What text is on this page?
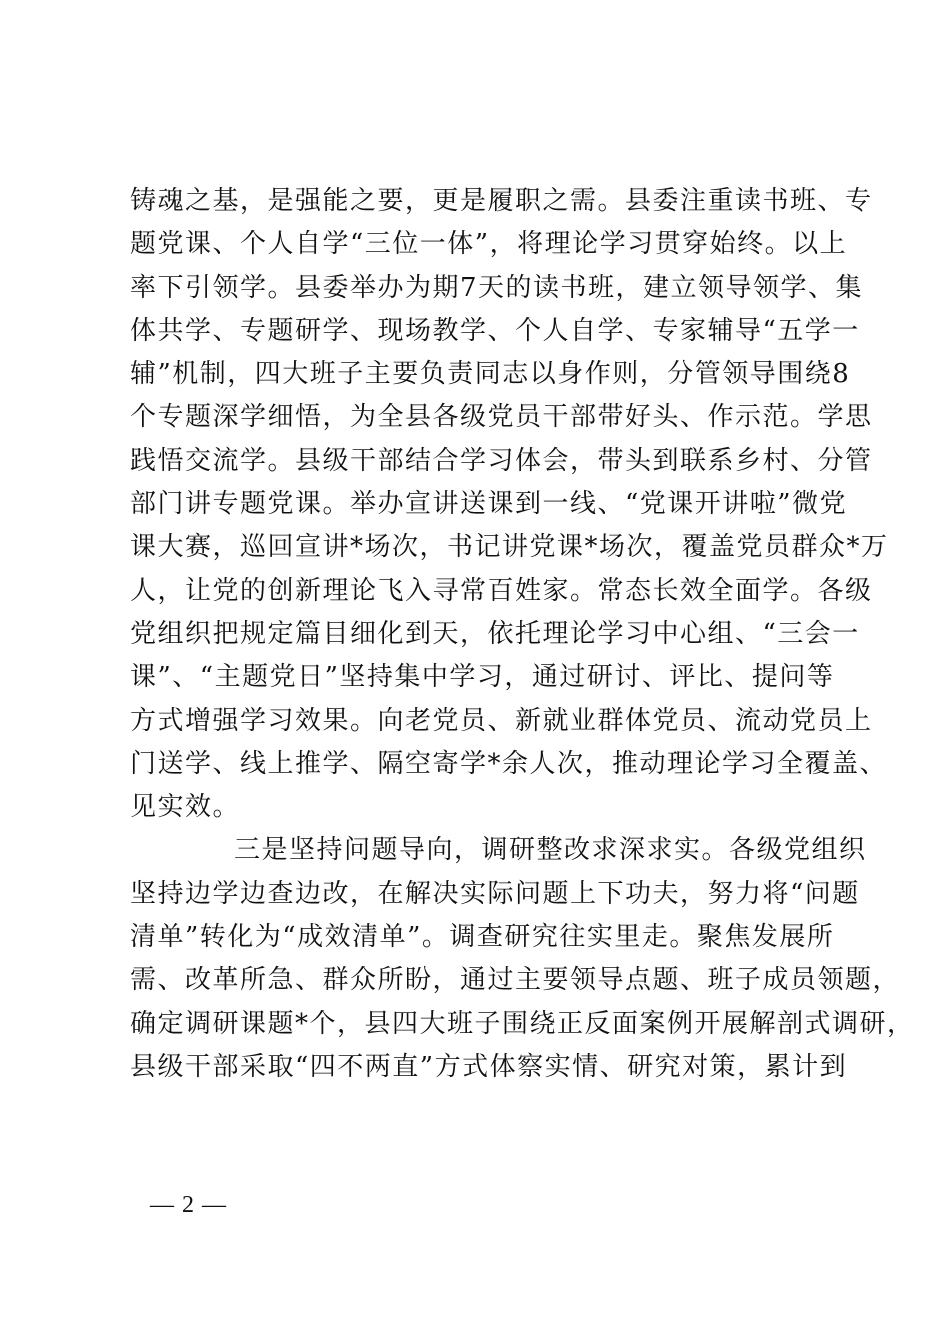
铸魂之基，是强能之要，更是履职之需。县委注重读书班、专
题党课、个人自学“三位一体”，将理论学习贯穿始终。以上
率下引领学。县委举办为期7天的读书班，建立领导领学、集
体共学、专题研学、现场教学、个人自学、专家辅导“五学一
辅”机制，四大班子主要负责同志以身作则，分管领导围绕8
个专题深学细悟，为全县各级党员干部带好头、作示范。学思
践悟交流学。县级干部结合学习体会，带头到联系乡村、分管
部门讲专题党课。举办宣讲送课到一线、“党课开讲啦”微党
课大赛，巡回宣讲*场次，书记讲党课*场次，覆盖党员群众*万
人，让党的创新理论飞入寻常百姓家。常态长效全面学。各级
党组织把规定篇目细化到天，依托理论学习中心组、“三会一
课”、“主题党日”坚持集中学习，通过研讨、评比、提问等
方式增强学习效果。向老党员、新就业群体党员、流动党员上
门送学、线上推学、隔空寄学*余人次，推动理论学习全覆盖、
见实效。
三是坚持问题导向，调研整改求深求实。各级党组织
坚持边学边查边改，在解决实际问题上下功夫，努力将“问题
清单”转化为“成效清单”。调查研究往实里走。聚焦发展所
需、改革所急、群众所盼，通过主要领导点题、班子成员领题，
确定调研课题*个，县四大班子围绕正反面案例开展解剖式调研，
县级干部采取“四不两直”方式体察实情、研究对策，累计到
— 2 —
